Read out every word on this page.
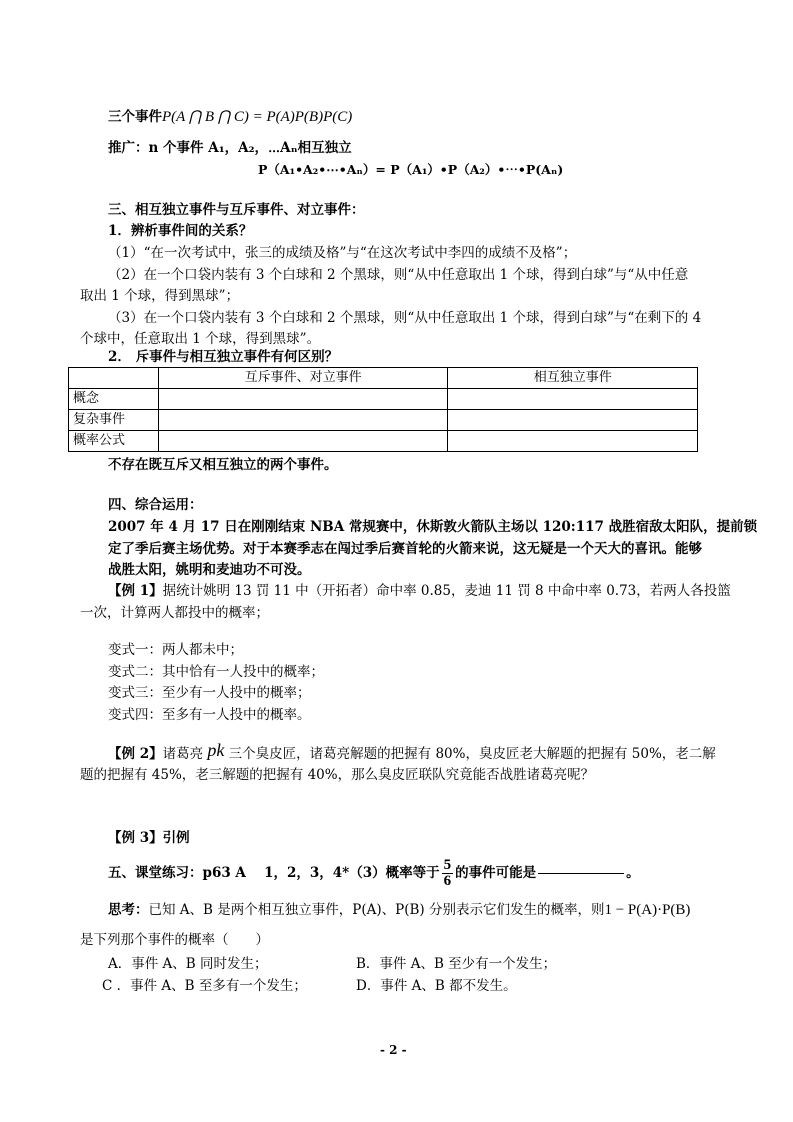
三个事件P(A ⋂ B ⋂ C) = P(A)P(B)P(C)
推广：n 个事件 A₁，A₂，⋯Aₙ相互独立
P（A₁•A₂•⋯•Aₙ）= P（A₁）•P（A₂）•⋯•P(Aₙ)
三、相互独立事件与互斥事件、对立事件：
1．辨析事件间的关系？
（1）“在一次考试中，张三的成绩及格”与“在这次考试中李四的成绩不及格”；
（2）在一个口袋内装有 3 个白球和 2 个黑球，则“从中任意取出 1 个球，得到白球”与“从中任意
取出 1 个球，得到黑球”；
（3）在一个口袋内装有 3 个白球和 2 个黑球，则“从中任意取出 1 个球，得到白球”与“在剩下的 4
个球中，任意取出 1 个球，得到黑球”。
2． 斥事件与相互独立事件有何区别？
	互斥事件、对立事件	相互独立事件
概念		
复杂事件		
概率公式		
不存在既互斥又相互独立的两个事件。
四、综合运用：
2007 年 4 月 17 日在刚刚结束 NBA 常规赛中，休斯敦火箭队主场以 120:117 战胜宿敌太阳队，提前锁
定了季后赛主场优势。对于本赛季志在闯过季后赛首轮的火箭来说，这无疑是一个天大的喜讯。能够
战胜太阳，姚明和麦迪功不可没。
【例 1】据统计姚明 13 罚 11 中（开拓者）命中率 0.85，麦迪 11 罚 8 中命中率 0.73，若两人各投篮
一次，计算两人都投中的概率；
变式一：两人都未中；
变式二：其中恰有一人投中的概率；
变式三：至少有一人投中的概率；
变式四：至多有一人投中的概率。
【例 2】诸葛亮 pk 三个臭皮匠，诸葛亮解题的把握有 80%，臭皮匠老大解题的把握有 50%，老二解
题的把握有 45%，老三解题的把握有 40%，那么臭皮匠联队究竟能否战胜诸葛亮呢？
【例 3】引例
五、课堂练习：p63 A　 1，2，3，4*（3）概率等于 $\frac{5}{6}$ 的事件可能是	。
思考：已知 A、B 是两个相互独立事件，P(A)、P(B) 分别表示它们发生的概率，则1 − P(A)·P(B)
是下列那个事件的概率（　　）
A．事件 A、B 同时发生；	B．事件 A、B 至少有一个发生；
C ．事件 A、B 至多有一个发生；	D．事件 A、B 都不发生。
- 2 -
